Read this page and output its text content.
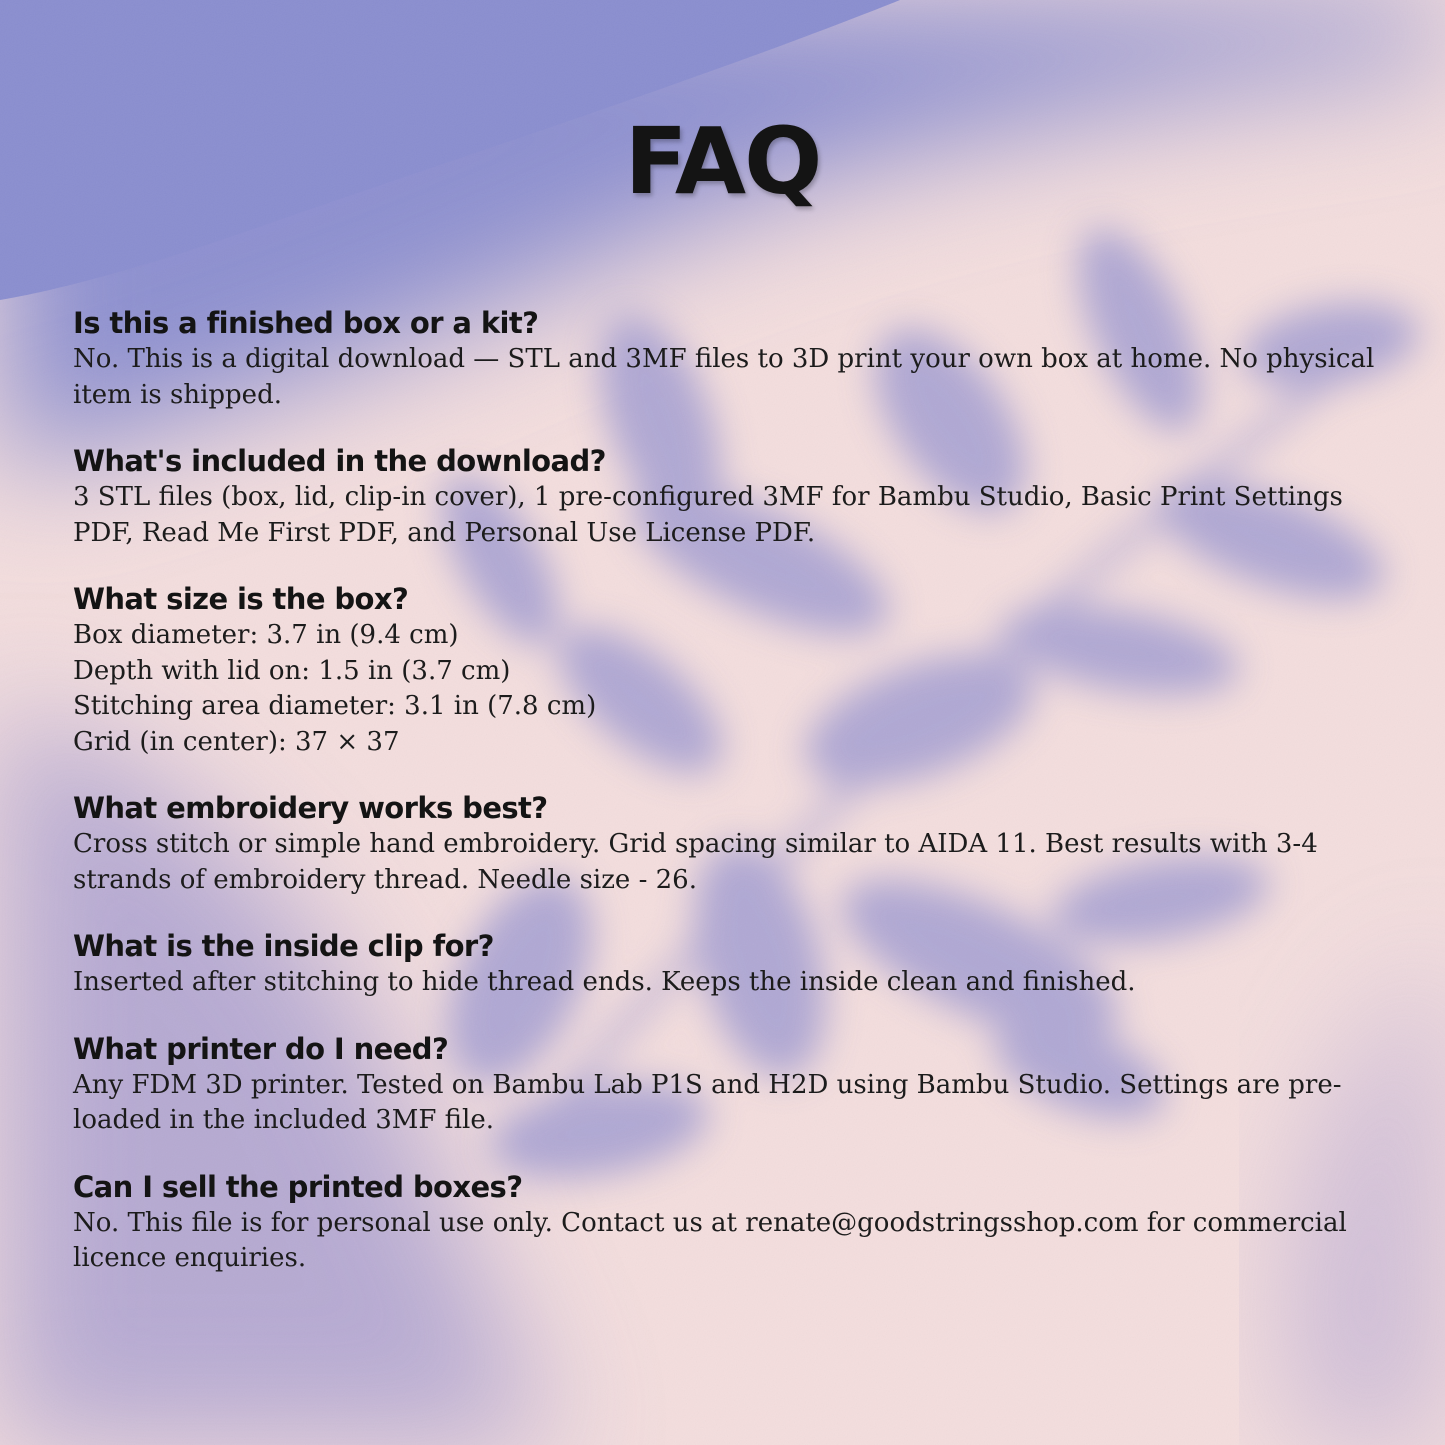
FAQ

Is this a finished box or a kit?

No. This is a digital download — STL and 3MF files to 3D print your own box at home. No physical item is shipped.

What's included in the download?

3 STL files (box, lid, clip-in cover), 1 pre-configured 3MF for Bambu Studio, Basic Print Settings PDF, Read Me First PDF, and Personal Use License PDF.

What size is the box?

Box diameter: 3.7 in (9.4 cm)
Depth with lid on: 1.5 in (3.7 cm)
Stitching area diameter: 3.1 in (7.8 cm)
Grid (in center): 37 × 37

What embroidery works best?

Cross stitch or simple hand embroidery. Grid spacing similar to AIDA 11. Best results with 3-4 strands of embroidery thread. Needle size - 26.

What is the inside clip for?

Inserted after stitching to hide thread ends. Keeps the inside clean and finished.

What printer do I need?

Any FDM 3D printer. Tested on Bambu Lab P1S and H2D using Bambu Studio. Settings are pre-loaded in the included 3MF file.

Can I sell the printed boxes?

No. This file is for personal use only. Contact us at renate@goodstringsshop.com for commercial licence enquiries.
